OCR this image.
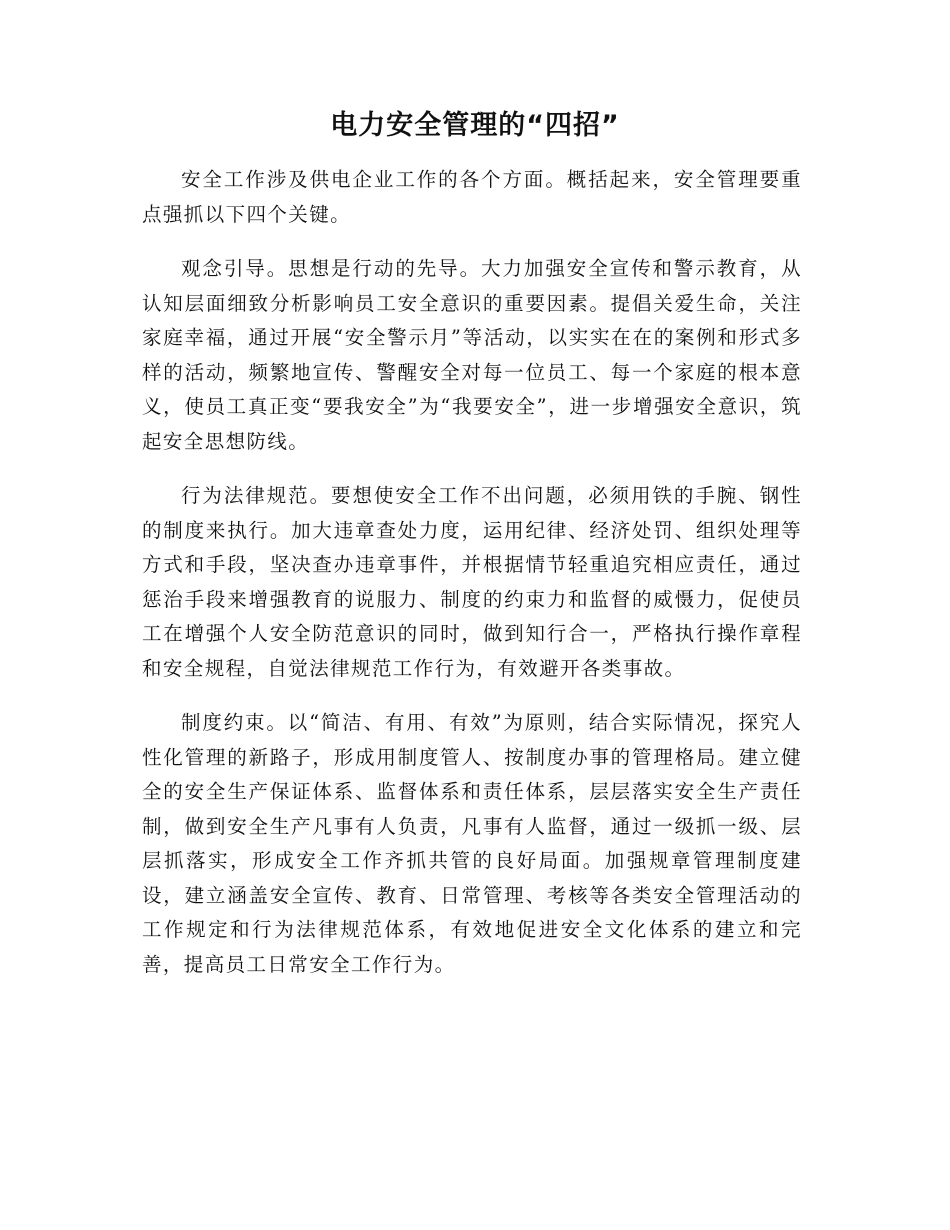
电力安全管理的“四招”

安全工作涉及供电企业工作的各个方面。概括起来，安全管理要重点强抓以下四个关键。

观念引导。思想是行动的先导。大力加强安全宣传和警示教育，从认知层面细致分析影响员工安全意识的重要因素。提倡关爱生命，关注家庭幸福，通过开展“安全警示月”等活动，以实实在在的案例和形式多样的活动，频繁地宣传、警醒安全对每一位员工、每一个家庭的根本意义，使员工真正变“要我安全”为“我要安全”，进一步增强安全意识，筑起安全思想防线。

行为法律规范。要想使安全工作不出问题，必须用铁的手腕、钢性的制度来执行。加大违章查处力度，运用纪律、经济处罚、组织处理等方式和手段，坚决查办违章事件，并根据情节轻重追究相应责任，通过惩治手段来增强教育的说服力、制度的约束力和监督的威慑力，促使员工在增强个人安全防范意识的同时，做到知行合一，严格执行操作章程和安全规程，自觉法律规范工作行为，有效避开各类事故。

制度约束。以“简洁、有用、有效”为原则，结合实际情况，探究人性化管理的新路子，形成用制度管人、按制度办事的管理格局。建立健全的安全生产保证体系、监督体系和责任体系，层层落实安全生产责任制，做到安全生产凡事有人负责，凡事有人监督，通过一级抓一级、层层抓落实，形成安全工作齐抓共管的良好局面。加强规章管理制度建设，建立涵盖安全宣传、教育、日常管理、考核等各类安全管理活动的工作规定和行为法律规范体系，有效地促进安全文化体系的建立和完善，提高员工日常安全工作行为。
